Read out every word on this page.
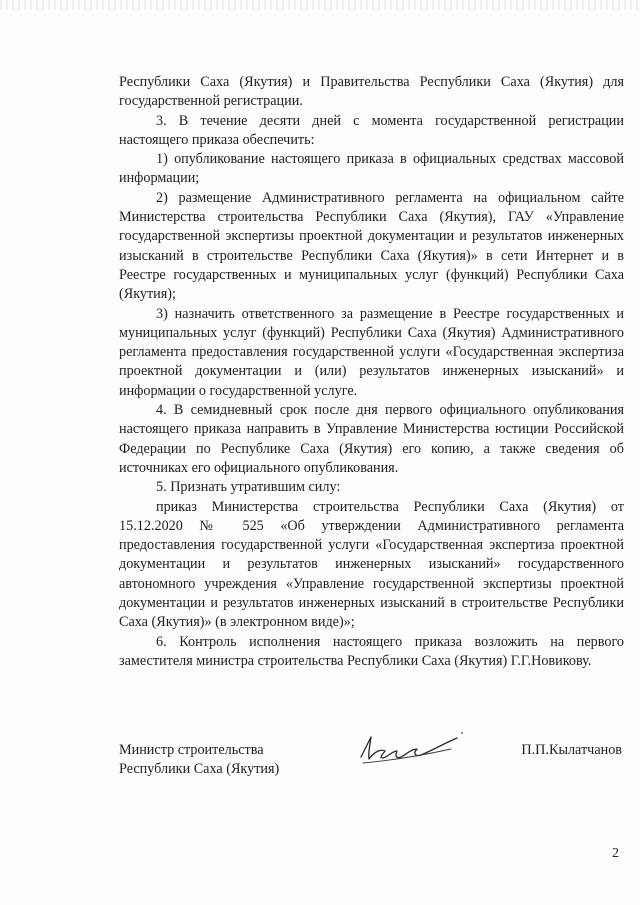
Республики Саха (Якутия) и Правительства Республики Саха (Якутия) для государственной регистрации.

3. В течение десяти дней с момента государственной регистрации настоящего приказа обеспечить:

1) опубликование настоящего приказа в официальных средствах массовой информации;

2) размещение Административного регламента на официальном сайте Министерства строительства Республики Саха (Якутия), ГАУ «Управление государственной экспертизы проектной документации и результатов инженерных изысканий в строительстве Республики Саха (Якутия)» в сети Интернет и в Реестре государственных и муниципальных услуг (функций) Республики Саха (Якутия);

3) назначить ответственного за размещение в Реестре государственных и муниципальных услуг (функций) Республики Саха (Якутия) Административного регламента предоставления государственной услуги «Государственная экспертиза проектной документации и (или) результатов инженерных изысканий» и информации о государственной услуге.

4. В семидневный срок после дня первого официального опубликования настоящего приказа направить в Управление Министерства юстиции Российской Федерации по Республике Саха (Якутия) его копию, а также сведения об источниках его официального опубликования.

5. Признать утратившим силу:

приказ Министерства строительства Республики Саха (Якутия) от 15.12.2020 № 525 «Об утверждении Административного регламента предоставления государственной услуги «Государственная экспертиза проектной документации и результатов инженерных изысканий» государственного автономного учреждения «Управление государственной экспертизы проектной документации и результатов инженерных изысканий в строительстве Республики Саха (Якутия)» (в электронном виде)»;

6. Контроль исполнения настоящего приказа возложить на первого заместителя министра строительства Республики Саха (Якутия) Г.Г.Новикову.

Министр строительства
Республики Саха (Якутия)
П.П.Кылатчанов
2
